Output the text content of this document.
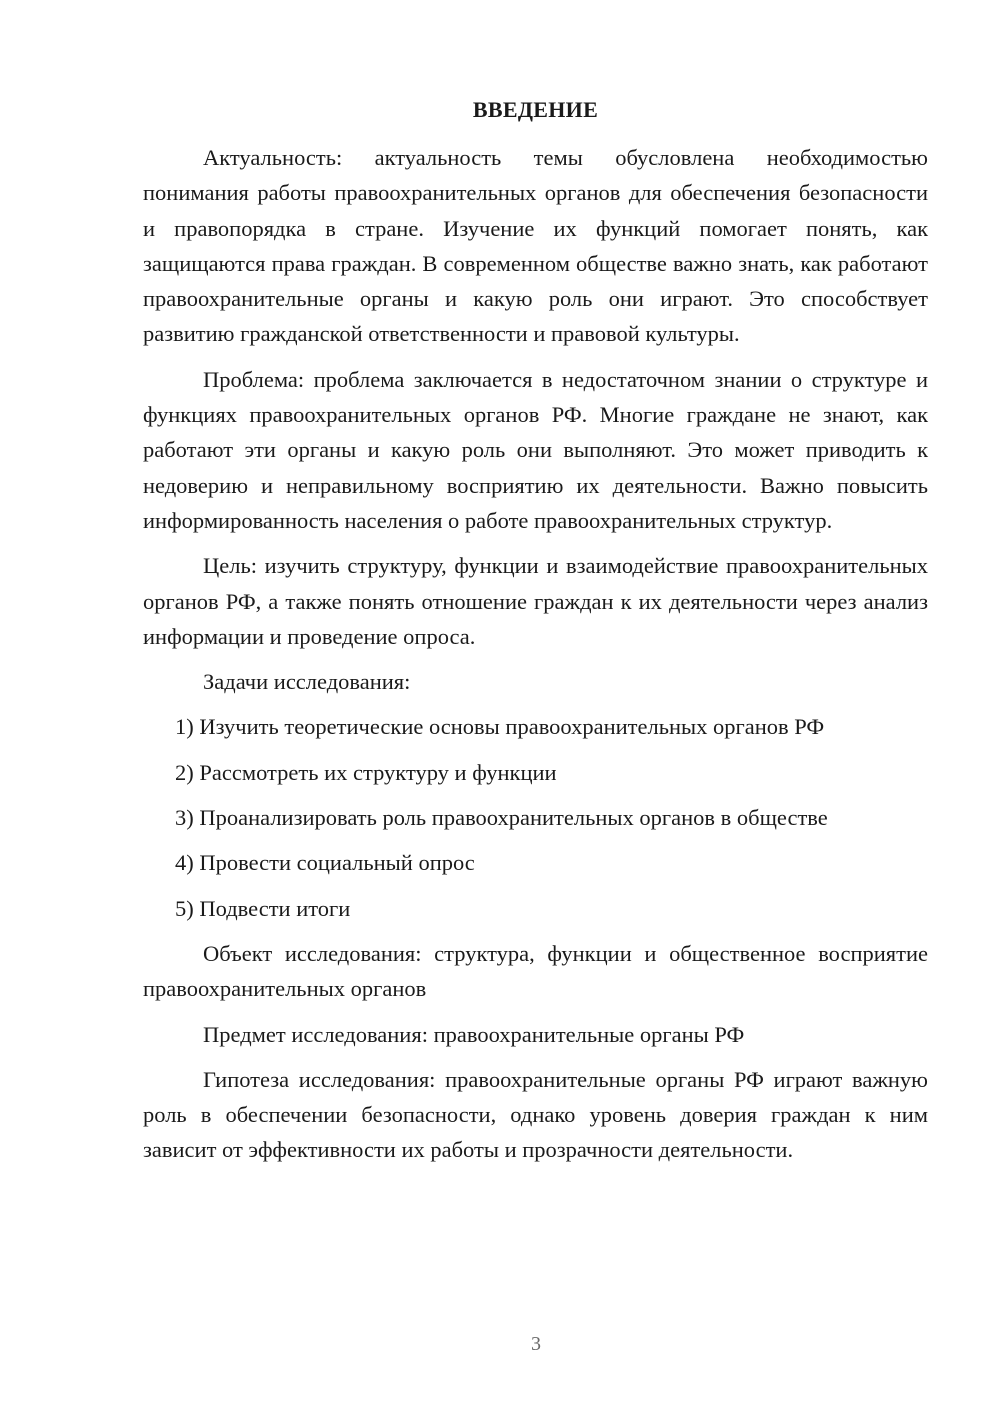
ВВЕДЕНИЕ

Актуальность: актуальность темы обусловлена необходимостью понимания работы правоохранительных органов для обеспечения безопасности и правопорядка в стране. Изучение их функций помогает понять, как защищаются права граждан. В современном обществе важно знать, как работают правоохранительные органы и какую роль они играют. Это способствует развитию гражданской ответственности и правовой культуры.

Проблема: проблема заключается в недостаточном знании о структуре и функциях правоохранительных органов РФ. Многие граждане не знают, как работают эти органы и какую роль они выполняют. Это может приводить к недоверию и неправильному восприятию их деятельности. Важно повысить информированность населения о работе правоохранительных структур.

Цель: изучить структуру, функции и взаимодействие правоохранительных органов РФ, а также понять отношение граждан к их деятельности через анализ информации и проведение опроса.

Задачи исследования:

1) Изучить теоретические основы правоохранительных органов РФ

2) Рассмотреть их структуру и функции

3) Проанализировать роль правоохранительных органов в обществе

4) Провести социальный опрос

5) Подвести итоги

Объект исследования: структура, функции и общественное восприятие правоохранительных органов

Предмет исследования: правоохранительные органы РФ

Гипотеза исследования: правоохранительные органы РФ играют важную роль в обеспечении безопасности, однако уровень доверия граждан к ним зависит от эффективности их работы и прозрачности деятельности.

3
